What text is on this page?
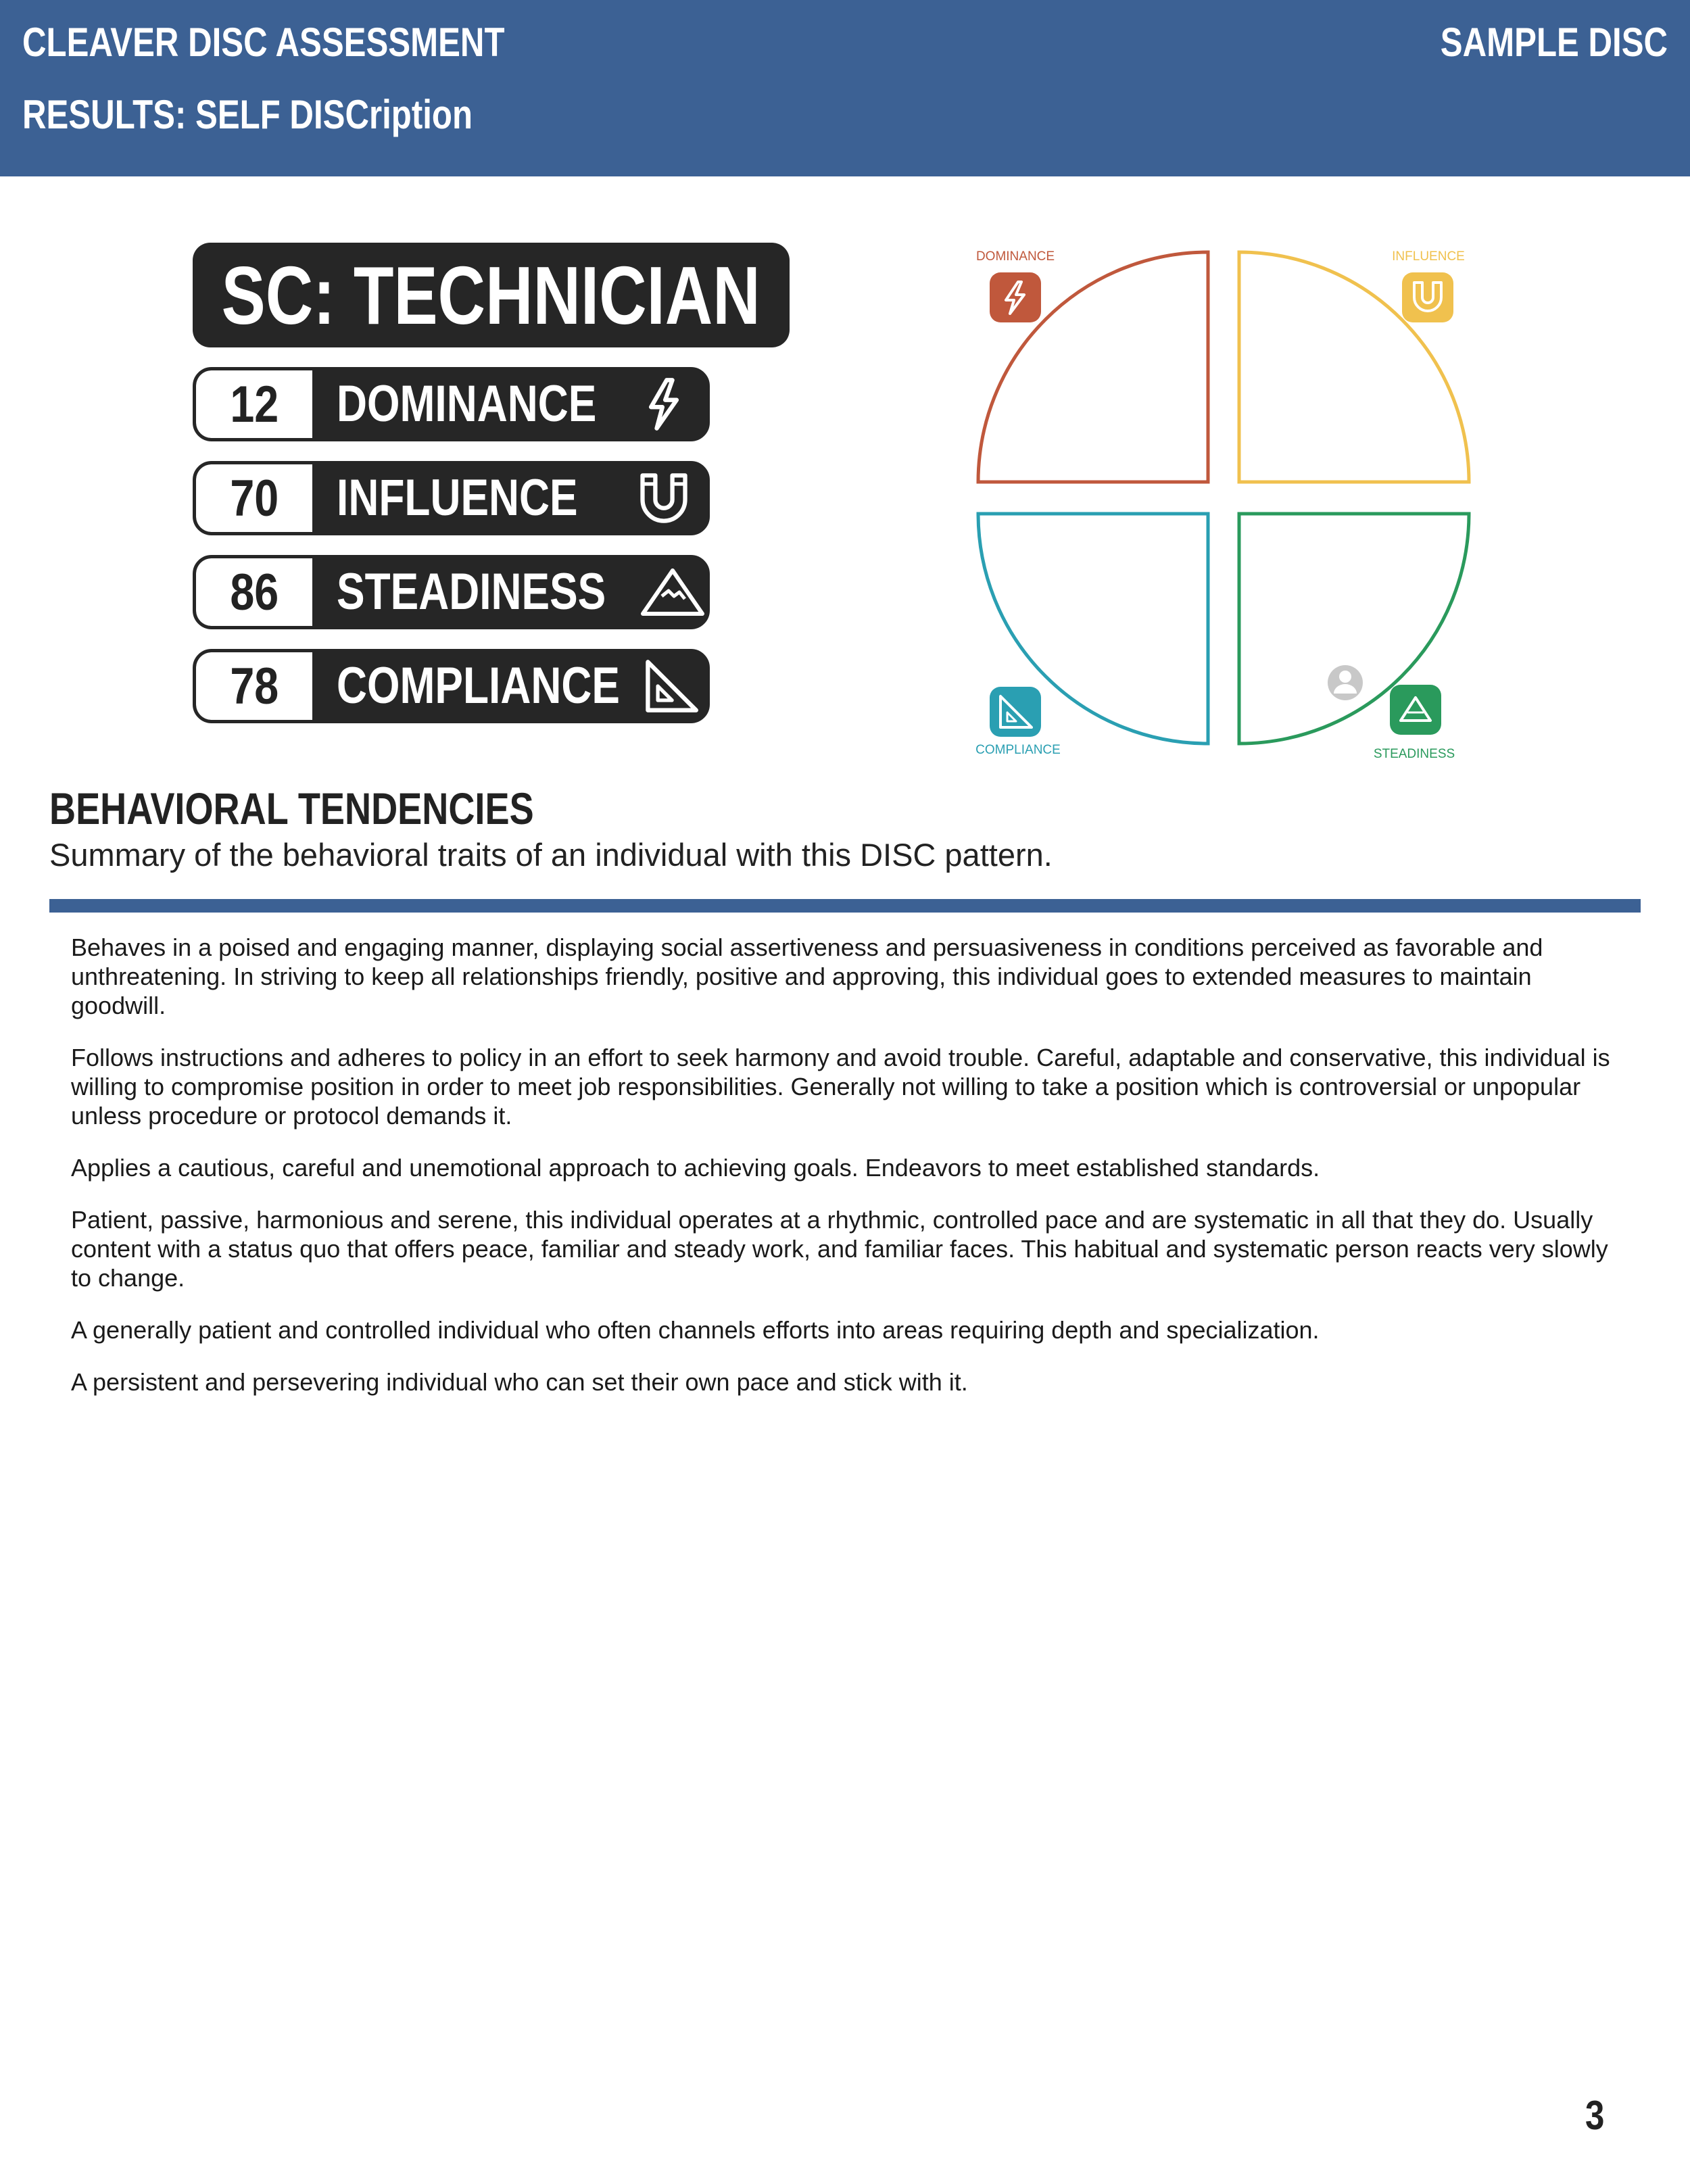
CLEAVER DISC ASSESSMENT
RESULTS: SELF DISCription
SAMPLE DISC
SC: TECHNICIAN
12 DOMINANCE
70 INFLUENCE
86 STEADINESS
78 COMPLIANCE
DOMINANCE	INFLUENCE
COMPLIANCE	STEADINESS
BEHAVIORAL TENDENCIES
Summary of the behavioral traits of an individual with this DISC pattern.

Behaves in a poised and engaging manner, displaying social assertiveness and persuasiveness in conditions perceived as favorable and unthreatening. In striving to keep all relationships friendly, positive and approving, this individual goes to extended measures to maintain goodwill.

Follows instructions and adheres to policy in an effort to seek harmony and avoid trouble. Careful, adaptable and conservative, this individual is willing to compromise position in order to meet job responsibilities. Generally not willing to take a position which is controversial or unpopular unless procedure or protocol demands it.

Applies a cautious, careful and unemotional approach to achieving goals. Endeavors to meet established standards.

Patient, passive, harmonious and serene, this individual operates at a rhythmic, controlled pace and are systematic in all that they do. Usually content with a status quo that offers peace, familiar and steady work, and familiar faces. This habitual and systematic person reacts very slowly to change.

A generally patient and controlled individual who often channels efforts into areas requiring depth and specialization.

A persistent and persevering individual who can set their own pace and stick with it.

3
